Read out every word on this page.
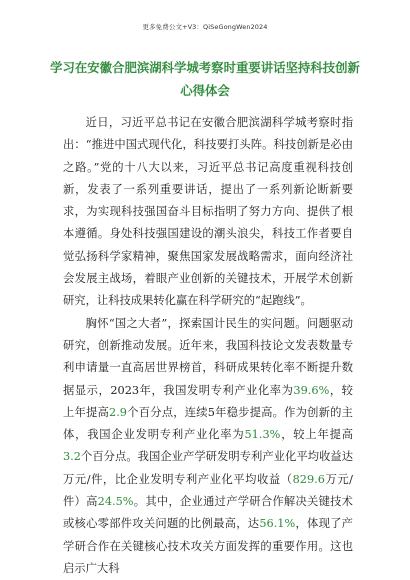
更多免费公文+V3：QiSeGongWen2024
学习在安徽合肥滨湖科学城考察时重要讲话坚持科技创新
心得体会

近日，习近平总书记在安徽合肥滨湖科学城考察时指出：“推进中国式现代化，科技要打头阵。科技创新是必由之路。”党的十八大以来，习近平总书记高度重视科技创新，发表了一系列重要讲话，提出了一系列新论断新要求，为实现科技强国奋斗目标指明了努力方向、提供了根本遵循。身处科技强国建设的潮头浪尖，科技工作者要自觉弘扬科学家精神，聚焦国家发展战略需求，面向经济社会发展主战场，着眼产业创新的关键技术，开展学术创新研究，让科技成果转化赢在科学研究的“起跑线”。

胸怀“国之大者”，探索国计民生的实问题。问题驱动研究，创新推动发展。近年来，我国科技论文发表数量专利申请量一直高居世界榜首，科研成果转化率不断提升数据显示，2023年，我国发明专利产业化率为39.6%，较上年提高2.9个百分点，连续5年稳步提高。作为创新的主体，我国企业发明专利产业化率为51.3%，较上年提高3.2个百分点。我国企业产学研发明专利产业化平均收益达万元/件，比企业发明专利产业化平均收益（829.6万元/件）高24.5%。其中，企业通过产学研合作解决关键技术或核心零部件攻关问题的比例最高，达56.1%，体现了产学研合作在关键核心技术攻关方面发挥的重要作用。这也启示广大科
